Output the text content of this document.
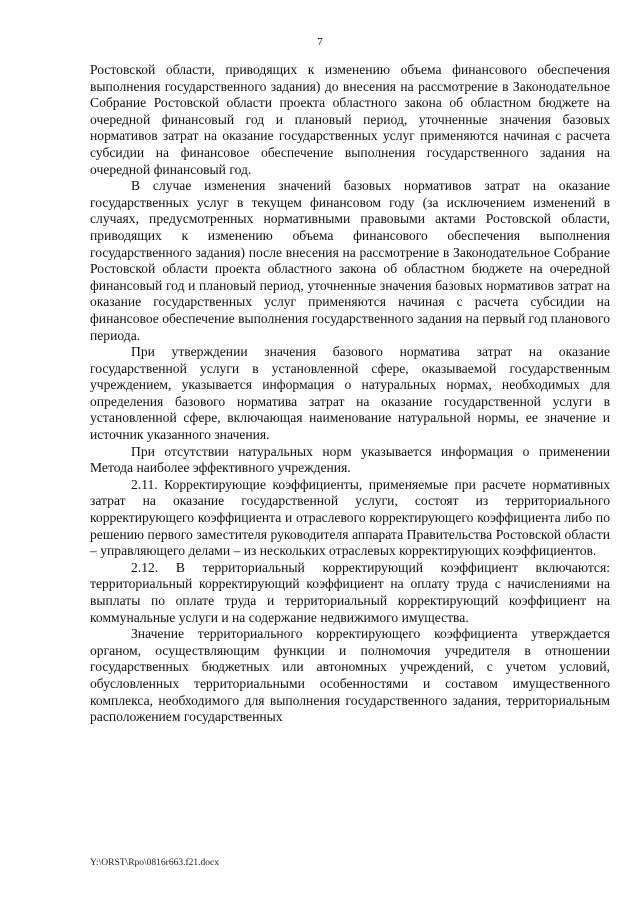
7

Ростовской области, приводящих к изменению объема финансового обеспечения выполнения государственного задания) до внесения на рассмотрение в Законодательное Собрание Ростовской области проекта областного закона об областном бюджете на очередной финансовый год и плановый период, уточненные значения базовых нормативов затрат на оказание государственных услуг применяются начиная с расчета субсидии на финансовое обеспечение выполнения государственного задания на очередной финансовый год.

В случае изменения значений базовых нормативов затрат на оказание государственных услуг в текущем финансовом году (за исключением изменений в случаях, предусмотренных нормативными правовыми актами Ростовской области, приводящих к изменению объема финансового обеспечения выполнения государственного задания) после внесения на рассмотрение в Законодательное Собрание Ростовской области проекта областного закона об областном бюджете на очередной финансовый год и плановый период, уточненные значения базовых нормативов затрат на оказание государственных услуг применяются начиная с расчета субсидии на финансовое обеспечение выполнения государственного задания на первый год планового периода.

При утверждении значения базового норматива затрат на оказание государственной услуги в установленной сфере, оказываемой государственным учреждением, указывается информация о натуральных нормах, необходимых для определения базового норматива затрат на оказание государственной услуги в установленной сфере, включающая наименование натуральной нормы, ее значение и источник указанного значения.

При отсутствии натуральных норм указывается информация о применении Метода наиболее эффективного учреждения.

2.11. Корректирующие коэффициенты, применяемые при расчете нормативных затрат на оказание государственной услуги, состоят из территориального корректирующего коэффициента и отраслевого корректирующего коэффициента либо по решению первого заместителя руководителя аппарата Правительства Ростовской области – управляющего делами – из нескольких отраслевых корректирующих коэффициентов.

2.12. В территориальный корректирующий коэффициент включаются: территориальный корректирующий коэффициент на оплату труда с начислениями на выплаты по оплате труда и территориальный корректирующий коэффициент на коммунальные услуги и на содержание недвижимого имущества.

Значение территориального корректирующего коэффициента утверждается органом, осуществляющим функции и полномочия учредителя в отношении государственных бюджетных или автономных учреждений, с учетом условий, обусловленных территориальными особенностями и составом имущественного комплекса, необходимого для выполнения государственного задания, территориальным расположением государственных

Y:\ORST\Rpo\0816r663.f21.docx
